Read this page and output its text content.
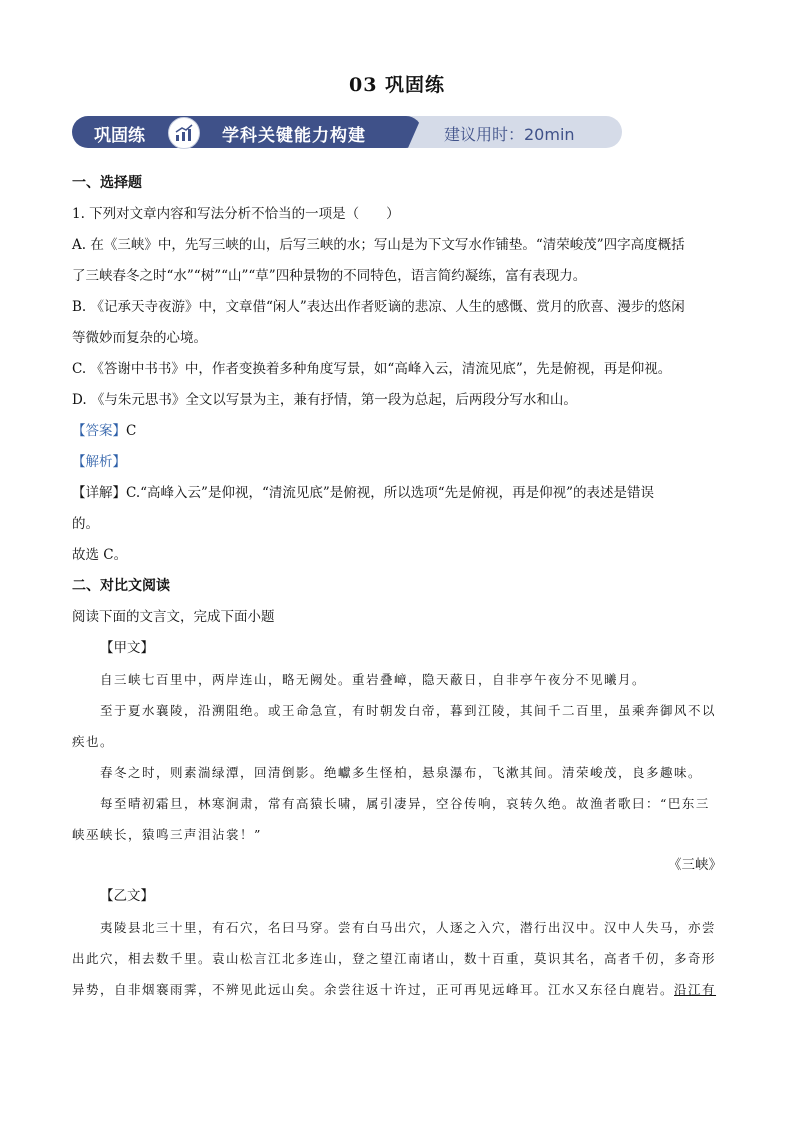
03 巩固练
巩固练	学科关键能力构建	建议用时：20min
一、选择题
1. 下列对文章内容和写法分析不恰当的一项是（　　）
A. 在《三峡》中，先写三峡的山，后写三峡的水；写山是为下文写水作铺垫。“清荣峻茂”四字高度概括
了三峡春冬之时“水”“树”“山”“草”四种景物的不同特色，语言简约凝练，富有表现力。
B. 《记承天寺夜游》中，文章借“闲人”表达出作者贬谪的悲凉、人生的感慨、赏月的欣喜、漫步的悠闲
等微妙而复杂的心境。
C. 《答谢中书书》中，作者变换着多种角度写景，如“高峰入云，清流见底”，先是俯视，再是仰视。
D. 《与朱元思书》全文以写景为主，兼有抒情，第一段为总起，后两段分写水和山。
【答案】C
【解析】
【详解】C.“高峰入云”是仰视，“清流见底”是俯视，所以选项“先是俯视，再是仰视”的表述是错误
的。
故选 C。
二、对比文阅读
阅读下面的文言文，完成下面小题
【甲文】
自三峡七百里中，两岸连山，略无阙处。重岩叠嶂，隐天蔽日，自非亭午夜分不见曦月。
至于夏水襄陵，沿溯阻绝。或王命急宣，有时朝发白帝，暮到江陵，其间千二百里，虽乘奔御风不以
疾也。
春冬之时，则素湍绿潭，回清倒影。绝巘多生怪柏，悬泉瀑布，飞漱其间。清荣峻茂，良多趣味。
每至晴初霜旦，林寒涧肃，常有高猿长啸，属引凄异，空谷传响，哀转久绝。故渔者歌曰：“巴东三
峡巫峡长，猿鸣三声泪沾裳！”
《三峡》
【乙文】
夷陵县北三十里，有石穴，名曰马穿。尝有白马出穴，人逐之入穴，潜行出汉中。汉中人失马，亦尝
出此穴，相去数千里。袁山松言江北多连山，登之望江南诸山，数十百重，莫识其名，高者千仞，多奇形
异势，自非烟褰雨霁，不辨见此远山矣。余尝往返十许过，正可再见远峰耳。江水又东径白鹿岩。沿江有
